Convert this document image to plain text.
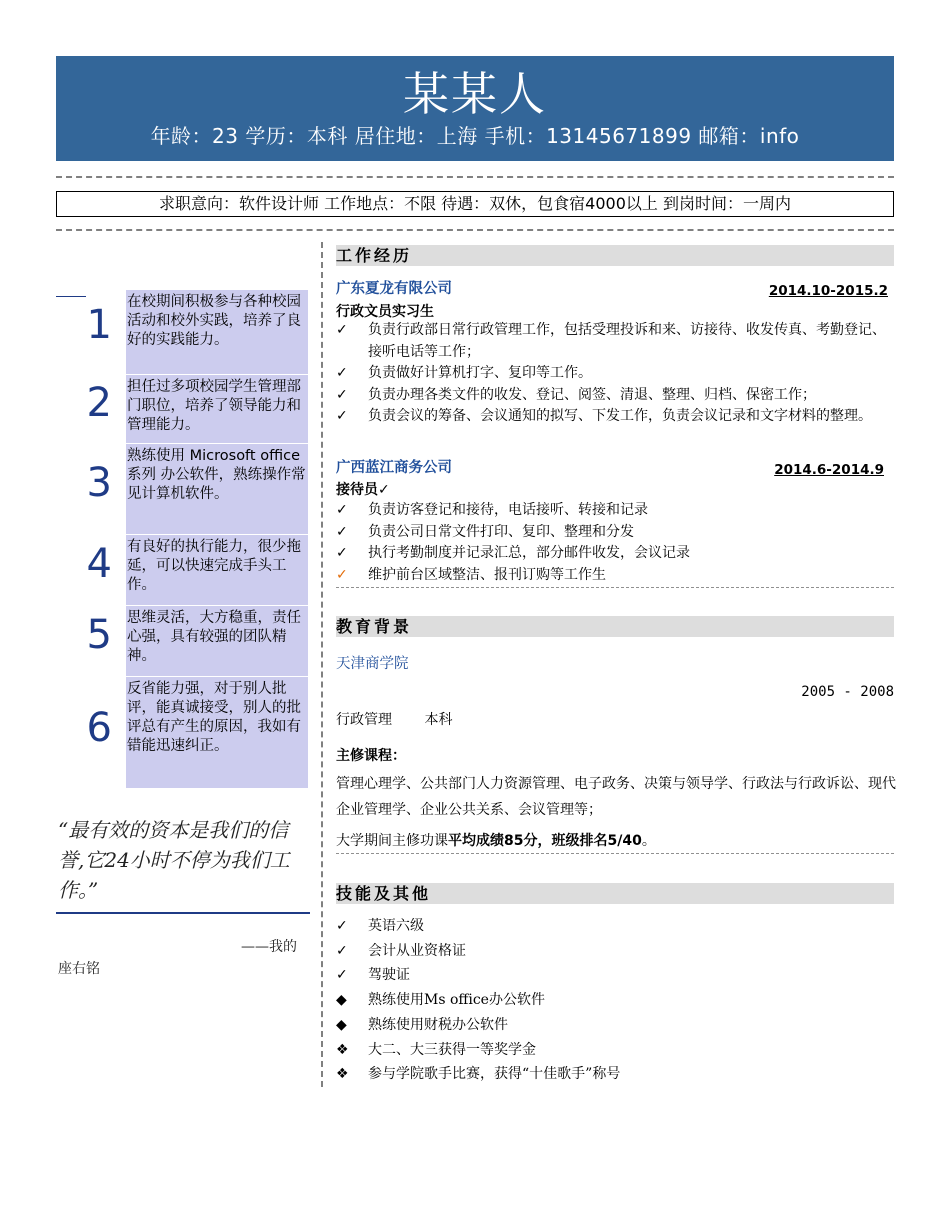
某某人
年龄：23 学历：本科 居住地：上海 手机：13145671899 邮箱：info
求职意向：软件设计师 工作地点：不限 待遇：双休，包食宿4000以上 到岗时间：一周内
1 在校期间积极参与各种校园活动和校外实践，培养了良好的实践能力。
2 担任过多项校园学生管理部门职位，培养了领导能力和管理能力。
3
熟练使用 Microsoft office 系列 办公软件，熟练操作常见计算机软件。
4 有良好的执行能力，很少拖延，可以快速完成手头工作。
5 思维灵活，大方稳重，责任心强，具有较强的团队精神。
6
反省能力强，对于别人批评，能真诚接受，别人的批评总有产生的原因，我如有错能迅速纠正。
“最有效的资本是我们的信誉,它24小时不停为我们工作。”
——我的座右铭
工作经历
广东夏龙有限公司	2014.10-2015.2
行政文员实习生
✓	负责行政部日常行政管理工作，包括受理投诉和来、访接待、收发传真、考勤登记、接听电话等工作；
✓	负责做好计算机打字、复印等工作。
✓	负责办理各类文件的收发、登记、阅签、清退、整理、归档、保密工作；
✓	负责会议的筹备、会议通知的拟写、下发工作，负责会议记录和文字材料的整理。
广西蓝江商务公司	2014.6-2014.9
接待员✓
✓	负责访客登记和接待，电话接听、转接和记录
✓	负责公司日常文件打印、复印、整理和分发
✓	执行考勤制度并记录汇总，部分邮件收发，会议记录
✓	维护前台区域整洁、报刊订购等工作生
教育背景
天津商学院
2005 - 2008
行政管理 本科
主修课程：
管理心理学、公共部门人力资源管理、电子政务、决策与领导学、行政法与行政诉讼、现代企业管理学、企业公共关系、会议管理等；
大学期间主修功课平均成绩85分，班级排名5/40。
技能及其他
✓	英语六级
✓	会计从业资格证
✓	驾驶证
◆	熟练使用Ms office办公软件
◆	熟练使用财税办公软件
❖	大二、大三获得一等奖学金
❖	参与学院歌手比赛，获得“十佳歌手”称号
